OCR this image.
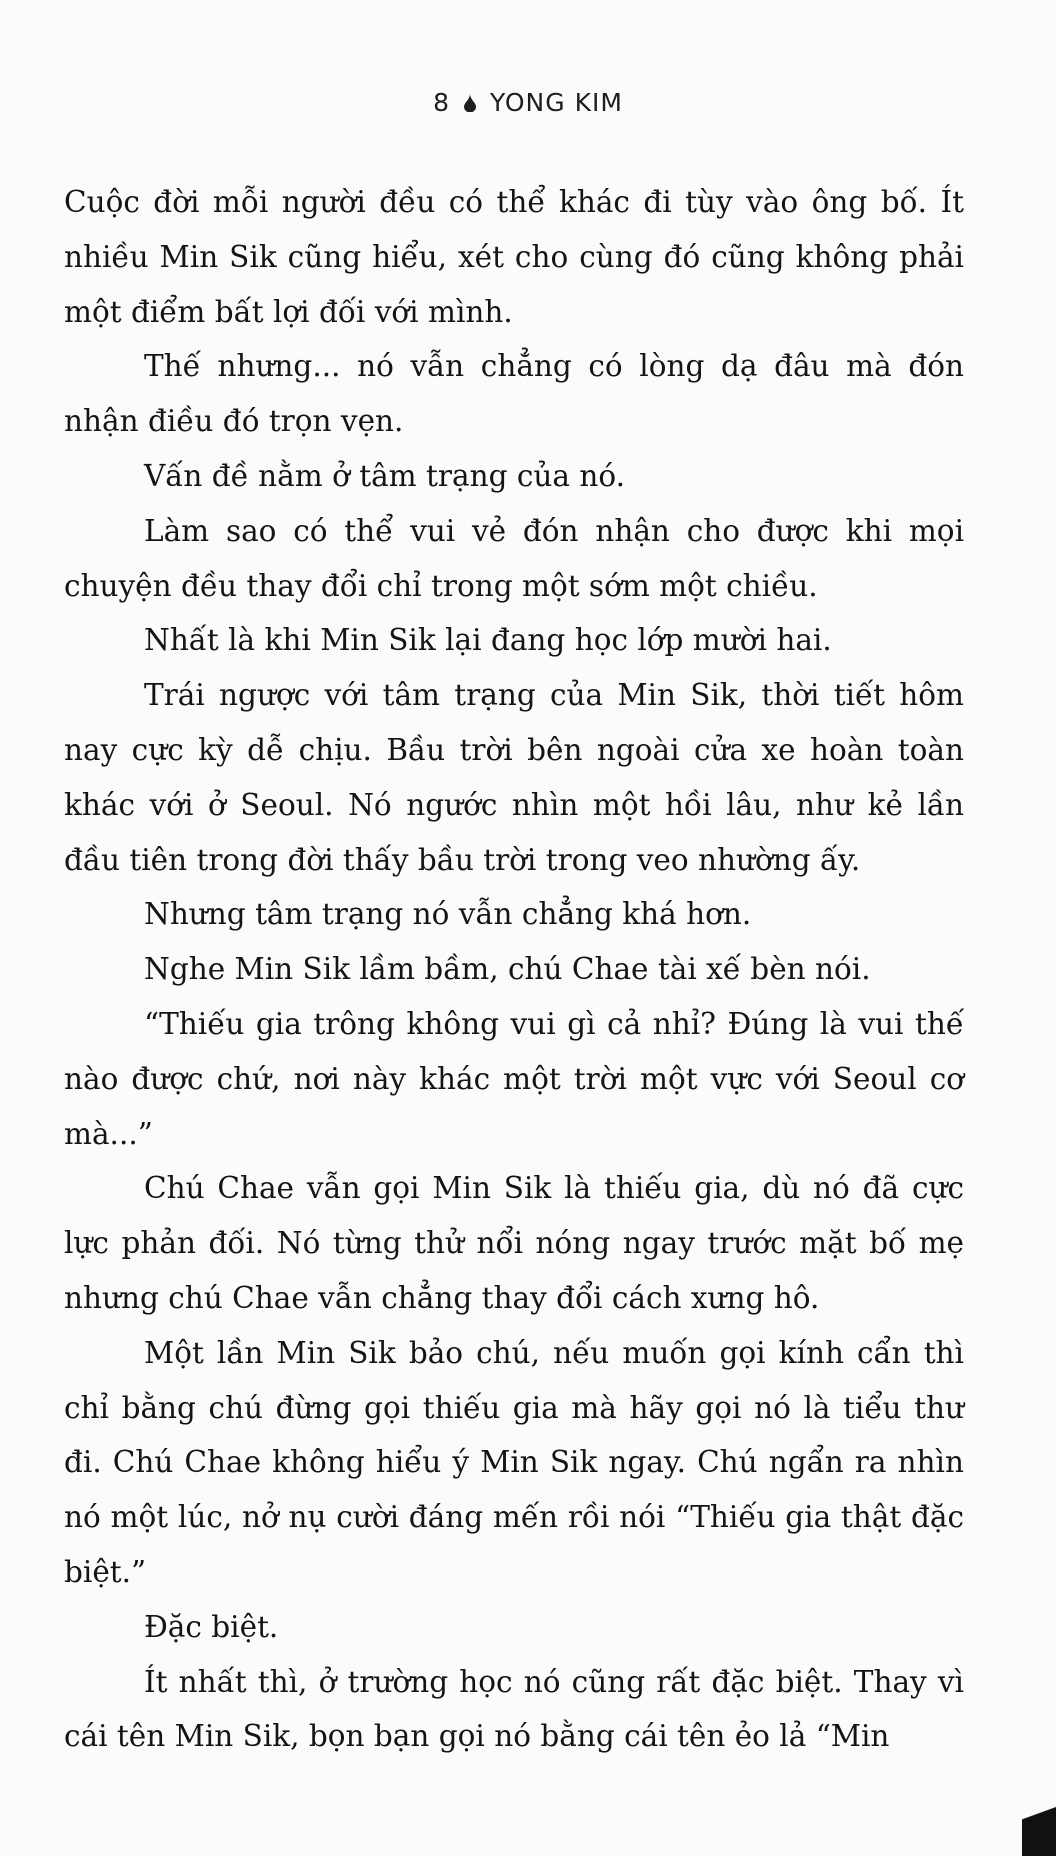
8 YONG KIM

Cuộc đời mỗi người đều có thể khác đi tùy vào ông bố. Ít nhiều Min Sik cũng hiểu, xét cho cùng đó cũng không phải một điểm bất lợi đối với mình.

Thế nhưng... nó vẫn chẳng có lòng dạ đâu mà đón nhận điều đó trọn vẹn.

Vấn đề nằm ở tâm trạng của nó.

Làm sao có thể vui vẻ đón nhận cho được khi mọi chuyện đều thay đổi chỉ trong một sớm một chiều.

Nhất là khi Min Sik lại đang học lớp mười hai.

Trái ngược với tâm trạng của Min Sik, thời tiết hôm nay cực kỳ dễ chịu. Bầu trời bên ngoài cửa xe hoàn toàn khác với ở Seoul. Nó ngước nhìn một hồi lâu, như kẻ lần đầu tiên trong đời thấy bầu trời trong veo nhường ấy.

Nhưng tâm trạng nó vẫn chẳng khá hơn.

Nghe Min Sik lầm bầm, chú Chae tài xế bèn nói.

“Thiếu gia trông không vui gì cả nhỉ? Đúng là vui thế nào được chứ, nơi này khác một trời một vực với Seoul cơ mà...”

Chú Chae vẫn gọi Min Sik là thiếu gia, dù nó đã cực lực phản đối. Nó từng thử nổi nóng ngay trước mặt bố mẹ nhưng chú Chae vẫn chẳng thay đổi cách xưng hô.

Một lần Min Sik bảo chú, nếu muốn gọi kính cẩn thì chỉ bằng chú đừng gọi thiếu gia mà hãy gọi nó là tiểu thư đi. Chú Chae không hiểu ý Min Sik ngay. Chú ngẩn ra nhìn nó một lúc, nở nụ cười đáng mến rồi nói “Thiếu gia thật đặc biệt.”

Đặc biệt.

Ít nhất thì, ở trường học nó cũng rất đặc biệt. Thay vì cái tên Min Sik, bọn bạn gọi nó bằng cái tên ẻo lả “Min
